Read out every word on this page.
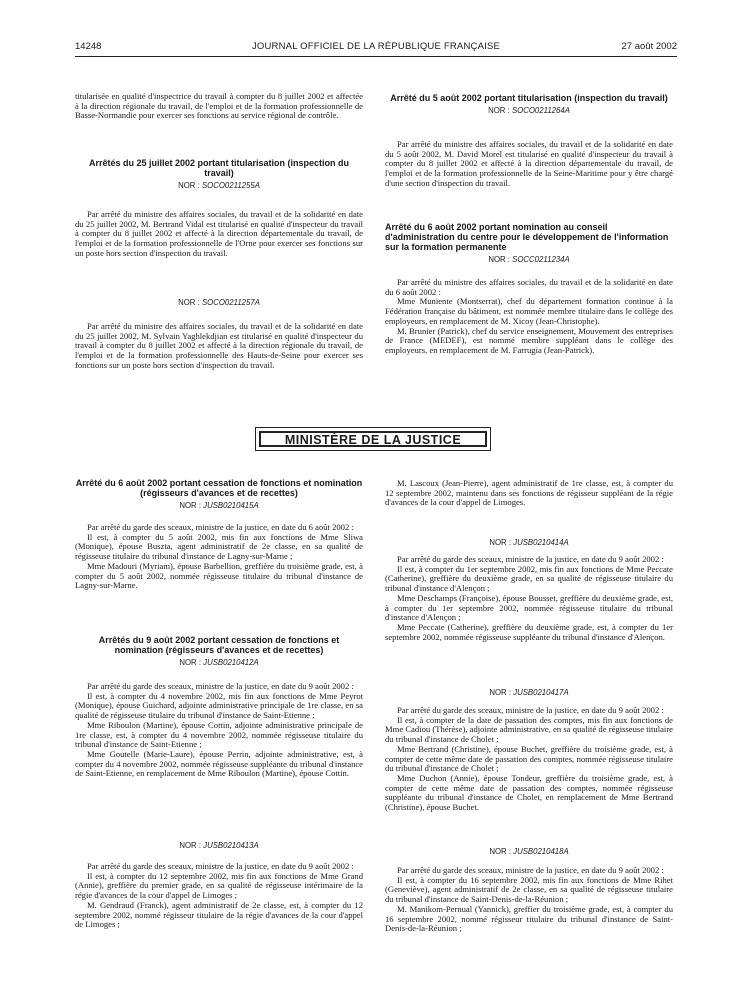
14248	JOURNAL OFFICIEL DE LA RÉPUBLIQUE FRANÇAISE	27 août 2002

titularisée en qualité d'inspectrice du travail à compter du 8 juillet 2002 et affectée à la direction régionale du travail, de l'emploi et de la formation professionnelle de Basse-Normandie pour exercer ses fonctions au service régional de contrôle.

Arrêtés du 25 juillet 2002 portant titularisation (inspection du travail)
NOR : SOCO0211255A

Par arrêté du ministre des affaires sociales, du travail et de la solidarité en date du 25 juillet 2002, M. Bertrand Vidal est titularisé en qualité d'inspecteur du travail à compter du 8 juillet 2002 et affecté à la direction départementale du travail, de l'emploi et de la formation professionnelle de l'Orne pour exercer ses fonctions sur un poste hors section d'inspection du travail.

NOR : SOCO0211257A

Par arrêté du ministre des affaires sociales, du travail et de la solidarité en date du 25 juillet 2002, M. Sylvain Yaghlekdjian est titularisé en qualité d'inspecteur du travail à compter du 8 juillet 2002 et affecté à la direction régionale du travail, de l'emploi et de la formation professionnelle des Hauts-de-Seine pour exercer ses fonctions sur un poste hors section d'inspection du travail.

Arrêté du 5 août 2002 portant titularisation (inspection du travail)
NOR : SOCO0211264A

Par arrêté du ministre des affaires sociales, du travail et de la solidarité en date du 5 août 2002, M. David Morel est titularisé en qualité d'inspecteur du travail à compter du 8 juillet 2002 et affecté à la direction départementale du travail, de l'emploi et de la formation professionnelle de la Seine-Maritime pour y être chargé d'une section d'inspection du travail.

Arrêté du 6 août 2002 portant nomination au conseil d'administration du centre pour le développement de l'information sur la formation permanente
NOR : SOCC0211234A

Par arrêté du ministre des affaires sociales, du travail et de la solidarité en date du 6 août 2002 :

Mme Muniente (Montserrat), chef du département formation continue à la Fédération française du bâtiment, est nommée membre titulaire dans le collège des employeurs, en remplacement de M. Xicoy (Jean-Christophe).

M. Brunier (Patrick), chef du service enseignement, Mouvement des entreprises de France (MEDEF), est nommé membre suppléant dans le collège des employeurs, en remplacement de M. Farrugia (Jean-Patrick).

MINISTÈRE DE LA JUSTICE
Arrêté du 6 août 2002 portant cessation de fonctions et nomination (régisseurs d'avances et de recettes)
NOR : JUSB0210415A

Par arrêté du garde des sceaux, ministre de la justice, en date du 6 août 2002 :

Il est, à compter du 5 août 2002, mis fin aux fonctions de Mme Sliwa (Monique), épouse Buszta, agent administratif de 2e classe, en sa qualité de régisseuse titulaire du tribunal d'instance de Lagny-sur-Marne ;

Mme Madouri (Myriam), épouse Barbellion, greffière du troisième grade, est, à compter du 5 août 2002, nommée régisseuse titulaire du tribunal d'instance de Lagny-sur-Marne.

Arrêtés du 9 août 2002 portant cessation de fonctions et nomination (régisseurs d'avances et de recettes)
NOR : JUSB0210412A

Par arrêté du garde des sceaux, ministre de la justice, en date du 9 août 2002 :

Il est, à compter du 4 novembre 2002, mis fin aux fonctions de Mme Peyrot (Monique), épouse Guichard, adjointe administrative principale de 1re classe, en sa qualité de régisseuse titulaire du tribunal d'instance de Saint-Etienne ;

Mme Riboulon (Martine), épouse Cottin, adjointe administrative principale de 1re classe, est, à compter du 4 novembre 2002, nommée régisseuse titulaire du tribunal d'instance de Saint-Etienne ;

Mme Goutelle (Marie-Laure), épouse Perrin, adjointe administrative, est, à compter du 4 novembre 2002, nommée régisseuse suppléante du tribunal d'instance de Saint-Etienne, en remplacement de Mme Riboulon (Martine), épouse Cottin.

NOR : JUSB0210413A

Par arrêté du garde des sceaux, ministre de la justice, en date du 9 août 2002 :

Il est, à compter du 12 septembre 2002, mis fin aux fonctions de Mme Grand (Annie), greffière du premier grade, en sa qualité de régisseuse intérimaire de la régie d'avances de la cour d'appel de Limoges ;

M. Gendraud (Franck), agent administratif de 2e classe, est, à compter du 12 septembre 2002, nommé régisseur titulaire de la régie d'avances de la cour d'appel de Limoges ;

M. Lascoux (Jean-Pierre), agent administratif de 1re classe, est, à compter du 12 septembre 2002, maintenu dans ses fonctions de régisseur suppléant de la régie d'avances de la cour d'appel de Limoges.

NOR : JUSB0210414A

Par arrêté du garde des sceaux, ministre de la justice, en date du 9 août 2002 :

Il est, à compter du 1er septembre 2002, mis fin aux fonctions de Mme Peccate (Catherine), greffière du deuxième grade, en sa qualité de régisseuse titulaire du tribunal d'instance d'Alençon ;

Mme Deschamps (Françoise), épouse Bousset, greffière du deuxième grade, est, à compter du 1er septembre 2002, nommée régisseuse titulaire du tribunal d'instance d'Alençon ;

Mme Peccate (Catherine), greffière du deuxième grade, est, à compter du 1er septembre 2002, nommée régisseuse suppléante du tribunal d'instance d'Alençon.

NOR : JUSB0210417A

Par arrêté du garde des sceaux, ministre de la justice, en date du 9 août 2002 :

Il est, à compter de la date de passation des comptes, mis fin aux fonctions de Mme Cadiou (Thérèse), adjointe administrative, en sa qualité de régisseuse titulaire du tribunal d'instance de Cholet ;

Mme Bertrand (Christine), épouse Buchet, greffière du troisième grade, est, à compter de cette même date de passation des comptes, nommée régisseuse titulaire du tribunal d'instance de Cholet ;

Mme Duchon (Annie), épouse Tondeur, greffière du troisième grade, est, à compter de cette même date de passation des comptes, nommée régisseuse suppléante du tribunal d'instance de Cholet, en remplacement de Mme Bertrand (Christine), épouse Buchet.

NOR : JUSB0210418A

Par arrêté du garde des sceaux, ministre de la justice, en date du 9 août 2002 :

Il est, à compter du 16 septembre 2002, mis fin aux fonctions de Mme Rihet (Geneviève), agent administratif de 2e classe, en sa qualité de régisseuse titulaire du tribunal d'instance de Saint-Denis-de-la-Réunion ;

M. Manikom-Pernual (Yannick), greffier du troisième grade, est, à compter du 16 septembre 2002, nommé régisseur titulaire du tribunal d'instance de Saint-Denis-de-la-Réunion ;
